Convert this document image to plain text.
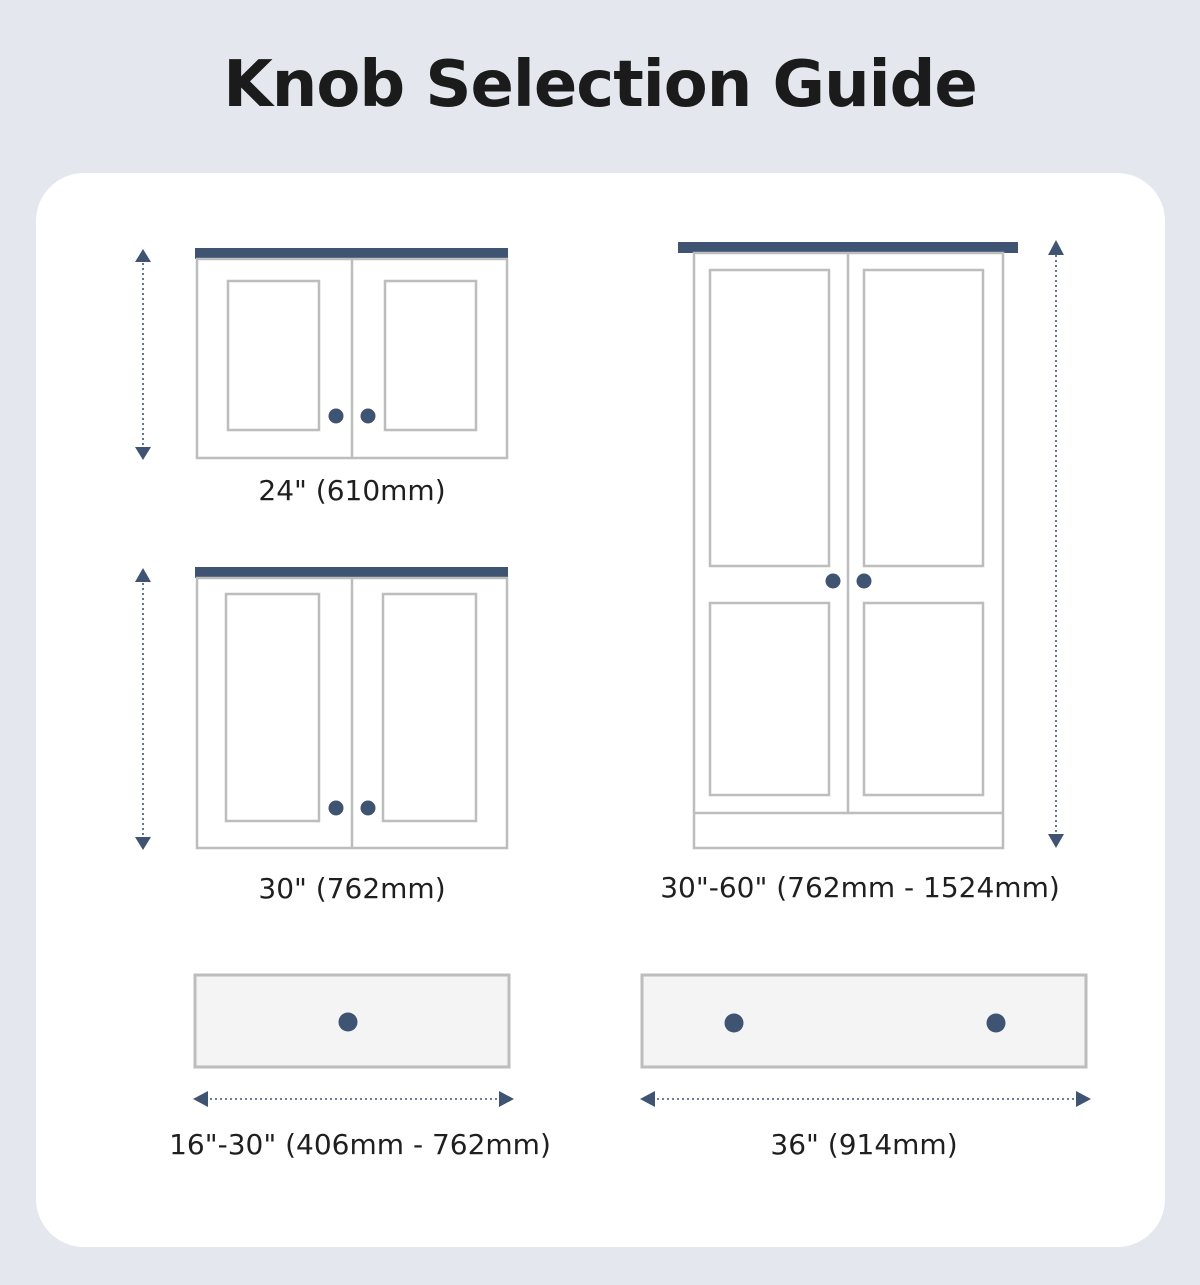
Knob Selection Guide
24" (610mm)
30" (762mm)	30"-60" (762mm - 1524mm)
16"-30" (406mm - 762mm)	36" (914mm)
